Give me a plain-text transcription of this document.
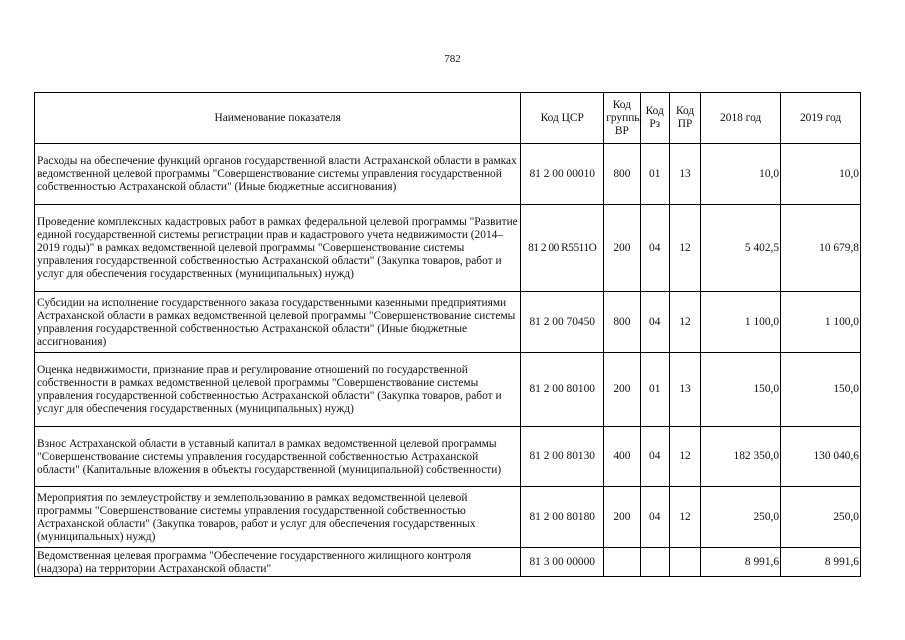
782
Наименование показателя	Код ЦСР	Код группы ВР	Код Рз	Код ПР	2018 год	2019 год
Расходы на обеспечение функций органов государственной власти Астраханской области в рамках ведомственной целевой программы "Совершенствование системы управления государственной собственностью Астраханской области" (Иные бюджетные ассигнования)	81 2 00 00010	800	01	13	10,0	10,0
Проведение комплексных кадастровых работ в рамках федеральной целевой программы "Развитие единой государственной системы регистрации прав и кадастрового учета недвижимости (2014–2019 годы)" в рамках ведомственной целевой программы "Совершенствование системы управления государственной собственностью Астраханской области" (Закупка товаров, работ и услуг для обеспечения государственных (муниципальных) нужд)	81 2 00 R5511O	200	04	12	5 402,5	10 679,8
Субсидии на исполнение государственного заказа государственными казенными предприятиями Астраханской области в рамках ведомственной целевой программы "Совершенствование системы управления государственной собственностью Астраханской области" (Иные бюджетные ассигнования)	81 2 00 70450	800	04	12	1 100,0	1 100,0
Оценка недвижимости, признание прав и регулирование отношений по государственной собственности в рамках ведомственной целевой программы "Совершенствование системы управления государственной собственностью Астраханской области" (Закупка товаров, работ и услуг для обеспечения государственных (муниципальных) нужд)	81 2 00 80100	200	01	13	150,0	150,0
Взнос Астраханской области в уставный капитал в рамках ведомственной целевой программы "Совершенствование системы управления государственной собственностью Астраханской области" (Капитальные вложения в объекты государственной (муниципальной) собственности)	81 2 00 80130	400	04	12	182 350,0	130 040,6
Мероприятия по землеустройству и землепользованию в рамках ведомственной целевой программы "Совершенствование системы управления государственной собственностью Астраханской области" (Закупка товаров, работ и услуг для обеспечения государственных (муниципальных) нужд)	81 2 00 80180	200	04	12	250,0	250,0
Ведомственная целевая программа "Обеспечение государственного жилищного контроля (надзора) на территории Астраханской области"	81 3 00 00000				8 991,6	8 991,6
